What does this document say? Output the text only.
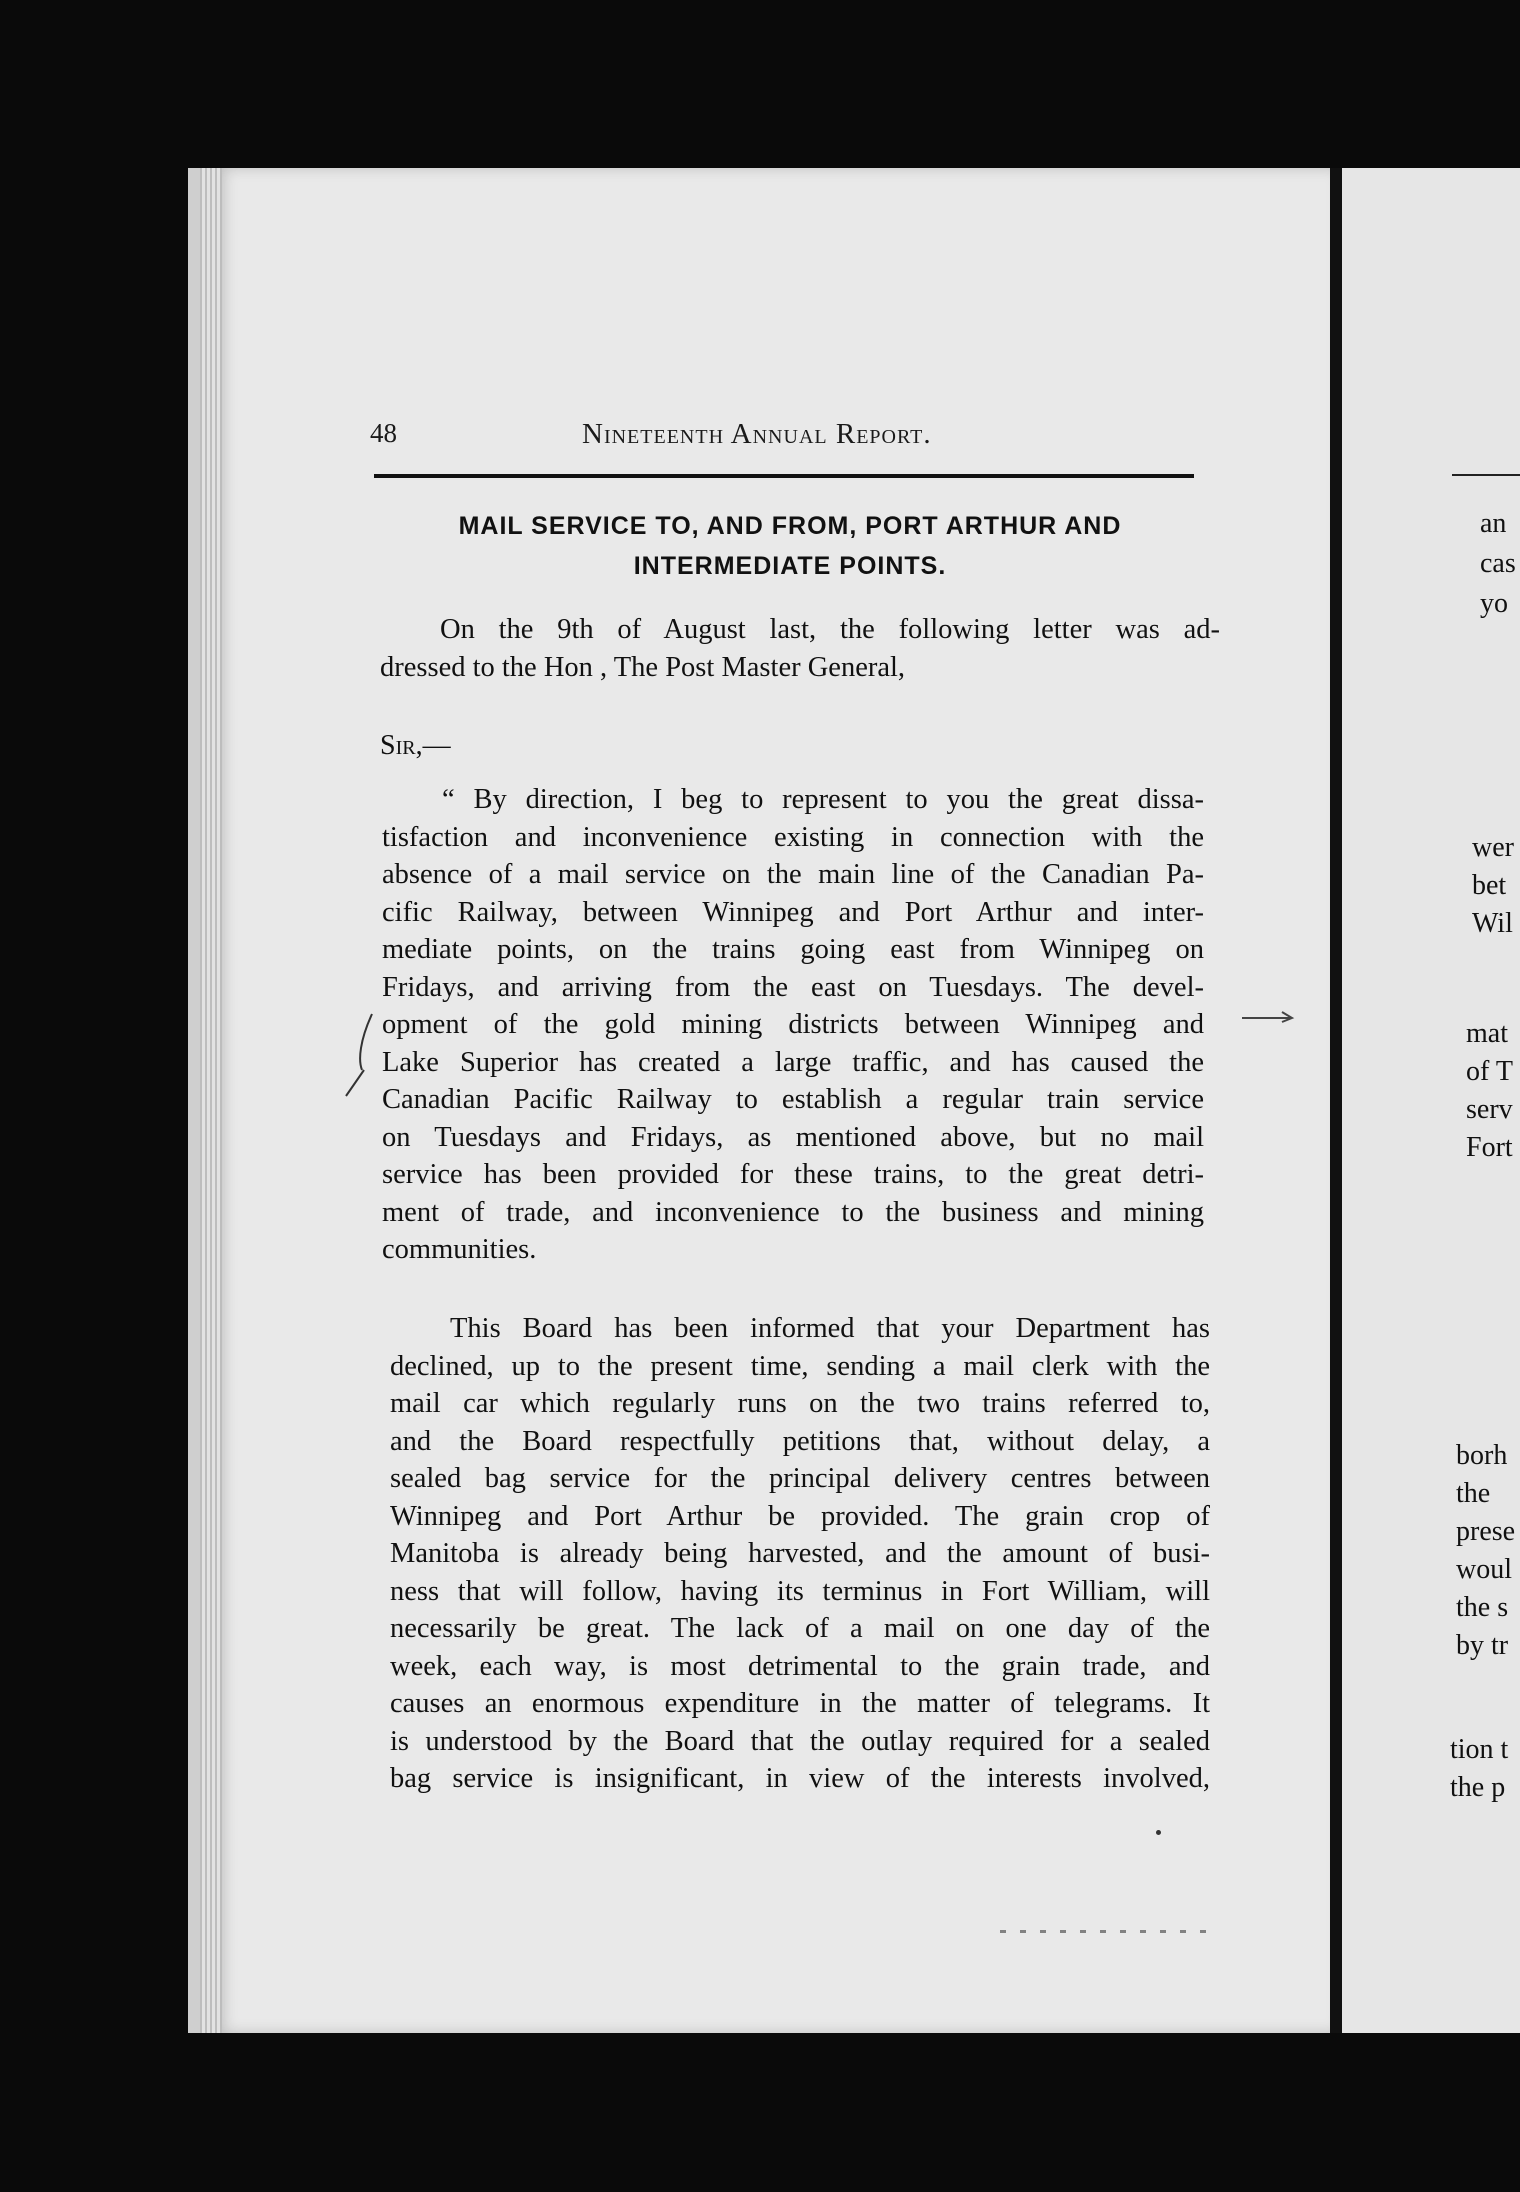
48	Nineteenth Annual Report.
MAIL SERVICE TO, AND FROM, PORT ARTHUR AND
INTERMEDIATE POINTS.
On the 9th of August last, the following letter was ad-
dressed to the Hon , The Post Master General,
Sir,—
“ By direction, I beg to represent to you the great dissa-
tisfaction and inconvenience existing in connection with the
absence of a mail service on the main line of the Canadian Pa-
cific Railway, between Winnipeg and Port Arthur and inter-
mediate points, on the trains going east from Winnipeg on
Fridays, and arriving from the east on Tuesdays. The devel-
opment of the gold mining districts between Winnipeg and
Lake Superior has created a large traffic, and has caused the
Canadian Pacific Railway to establish a regular train service
on Tuesdays and Fridays, as mentioned above, but no mail
service has been provided for these trains, to the great detri-
ment of trade, and inconvenience to the business and mining
communities.
This Board has been informed that your Department has
declined, up to the present time, sending a mail clerk with the
mail car which regularly runs on the two trains referred to,
and the Board respectfully petitions that, without delay, a
sealed bag service for the principal delivery centres between
Winnipeg and Port Arthur be provided. The grain crop of
Manitoba is already being harvested, and the amount of busi-
ness that will follow, having its terminus in Fort William, will
necessarily be great. The lack of a mail on one day of the
week, each way, is most detrimental to the grain trade, and
causes an enormous expenditure in the matter of telegrams. It
is understood by the Board that the outlay required for a sealed
bag service is insignificant, in view of the interests involved,
an
cas
yo
wer
bet
Wil
mat
of T
serv
Fort
borh
the
prese
woul
the s
by tr
tion t
the p
